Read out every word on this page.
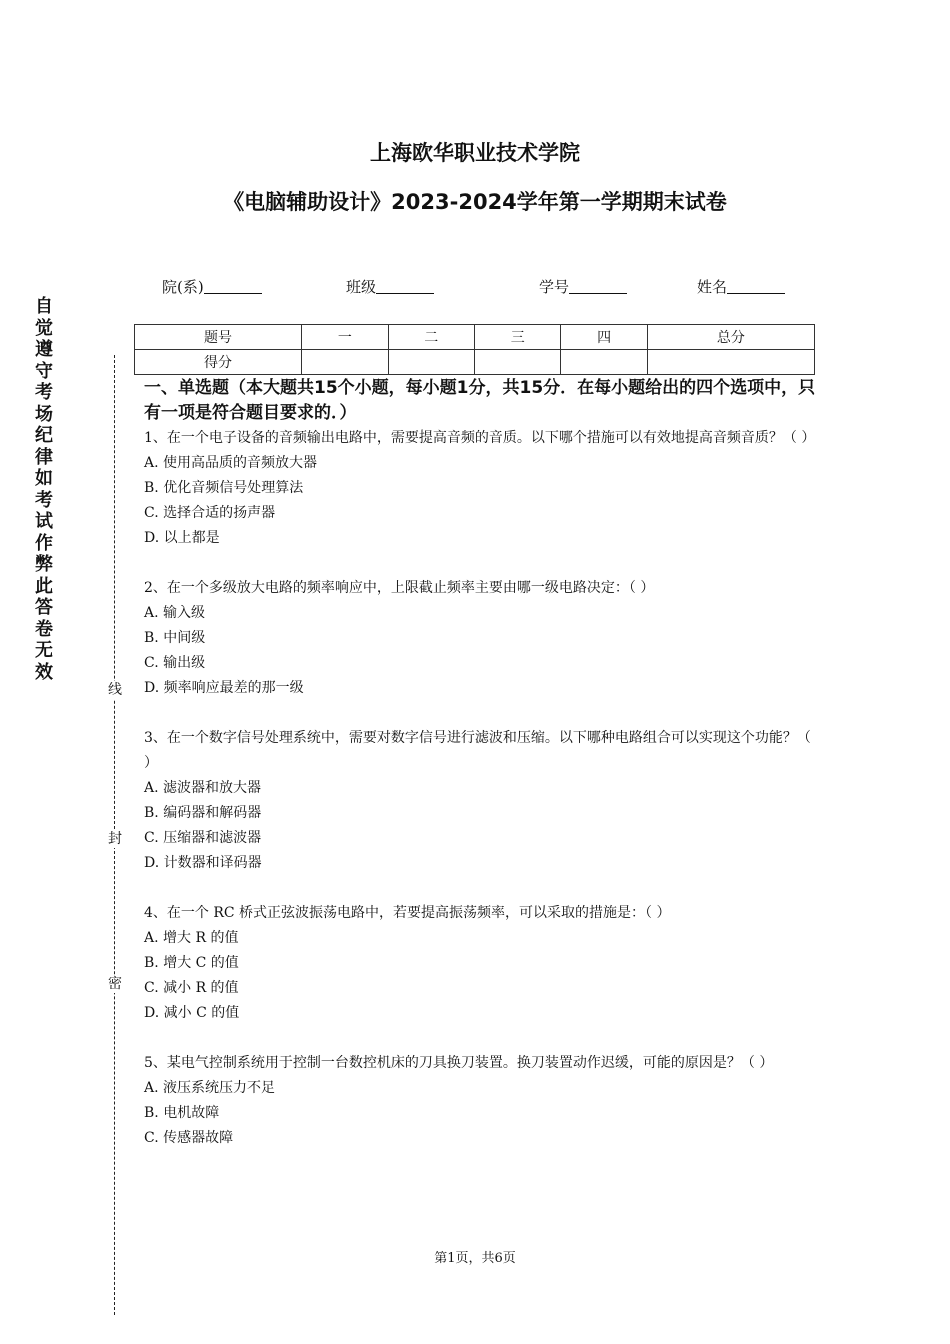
上海欧华职业技术学院
《电脑辅助设计》2023-2024学年第一学期期末试卷
院(系)	班级	学号	姓名
题号	一	二	三	四	总分
得分					
自觉遵守考场纪律如考试作弊此答卷无效
线
封
密
一、单选题（本大题共15个小题，每小题1分，共15分．在每小题给出的四个选项中，只有一项是符合题目要求的．）
1、在一个电子设备的音频输出电路中，需要提高音频的音质。以下哪个措施可以有效地提高音频音质？（ ）
A. 使用高品质的音频放大器
B. 优化音频信号处理算法
C. 选择合适的扬声器
D. 以上都是
2、在一个多级放大电路的频率响应中，上限截止频率主要由哪一级电路决定：（ ）
A. 输入级
B. 中间级
C. 输出级
D. 频率响应最差的那一级
3、在一个数字信号处理系统中，需要对数字信号进行滤波和压缩。以下哪种电路组合可以实现这个功能？（ ）
A. 滤波器和放大器
B. 编码器和解码器
C. 压缩器和滤波器
D. 计数器和译码器
4、在一个 RC 桥式正弦波振荡电路中，若要提高振荡频率，可以采取的措施是：（ ）
A. 增大 R 的值
B. 增大 C 的值
C. 减小 R 的值
D. 减小 C 的值
5、某电气控制系统用于控制一台数控机床的刀具换刀装置。换刀装置动作迟缓，可能的原因是？（ ）
A. 液压系统压力不足
B. 电机故障
C. 传感器故障
第1页，共6页
